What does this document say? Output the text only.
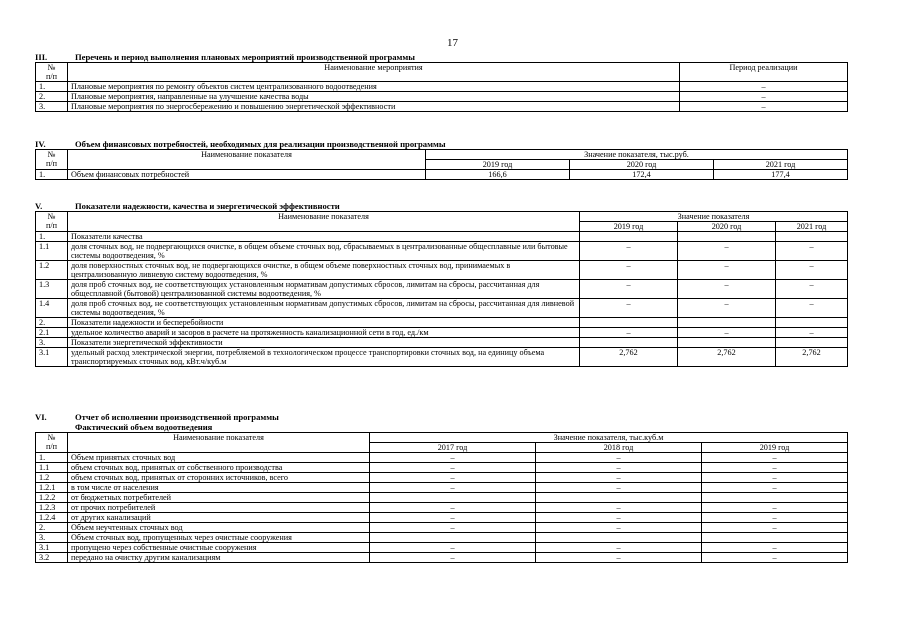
17
III.	Перечень и период выполнения плановых мероприятий производственной программы
№
п/п	Наименование мероприятия	Период реализации
1.	Плановые мероприятия по ремонту объектов систем централизованного водоотведения	–
2.	Плановые мероприятия, направленные на улучшение качества воды	–
3.	Плановые мероприятия по энергосбережению и повышению энергетической эффективности	–
IV.	Объем финансовых потребностей, необходимых для реализации производственной программы
№
п/п	Наименование показателя	Значение показателя, тыс.руб.		
		2019 год	2020 год	2021 год
1.	Объем финансовых потребностей	166,6	172,4	177,4
V.	Показатели надежности, качества и энергетической эффективности
№
п/п	Наименование показателя	Значение показателя		
		2019 год	2020 год	2021 год
1.	Показатели качества			
1.1	доля сточных вод, не подвергающихся очистке, в общем объеме сточных вод, сбрасываемых в централизованные общесплавные или бытовые системы водоотведения, %	–	–	–
1.2	доля поверхностных сточных вод, не подвергающихся очистке, в общем объеме поверхностных сточных вод, принимаемых в централизованную ливневую систему водоотведения, %	–	–	–
1.3	доля проб сточных вод, не соответствующих установленным нормативам допустимых сбросов, лимитам на сбросы, рассчитанная для общесплавной (бытовой) централизованной системы водоотведения, %	–	–	–
1.4	доля проб сточных вод, не соответствующих установленным нормативам допустимых сбросов, лимитам на сбросы, рассчитанная для ливневой системы водоотведения, %	–	–	–
2.	Показатели надежности и бесперебойности			
2.1	удельное количество аварий и засоров в расчете на протяженность канализационной сети в год, ед./км	–	–	–
3.	Показатели энергетической эффективности			
3.1	удельный расход электрической энергии, потребляемой в технологическом процессе транспортировки сточных вод, на единицу объема транспортируемых сточных вод, кВт.ч/куб.м	2,762	2,762	2,762
VI.	Отчет об исполнении производственной программы
Фактический объем водоотведения
№
п/п	Наименование показателя	Значение показателя, тыс.куб.м		
		2017 год	2018 год	2019 год
1.	Объем принятых сточных вод	–	–	–
1.1	объем сточных вод, принятых от собственного производства	–	–	–
1.2	объем сточных вод, принятых от сторонних источников, всего	–	–	–
1.2.1	в том числе от населения	–	–	–
1.2.2	от бюджетных потребителей			
1.2.3	от прочих потребителей	–	–	–
1.2.4	от других канализаций	–	–	–
2.	Объем неучтенных сточных вод	–	–	–
3.	Объем сточных вод, пропущенных через очистные сооружения			
3.1	пропущено через собственные очистные сооружения	–	–	–
3.2	передано на очистку другим канализациям	–	–	–
